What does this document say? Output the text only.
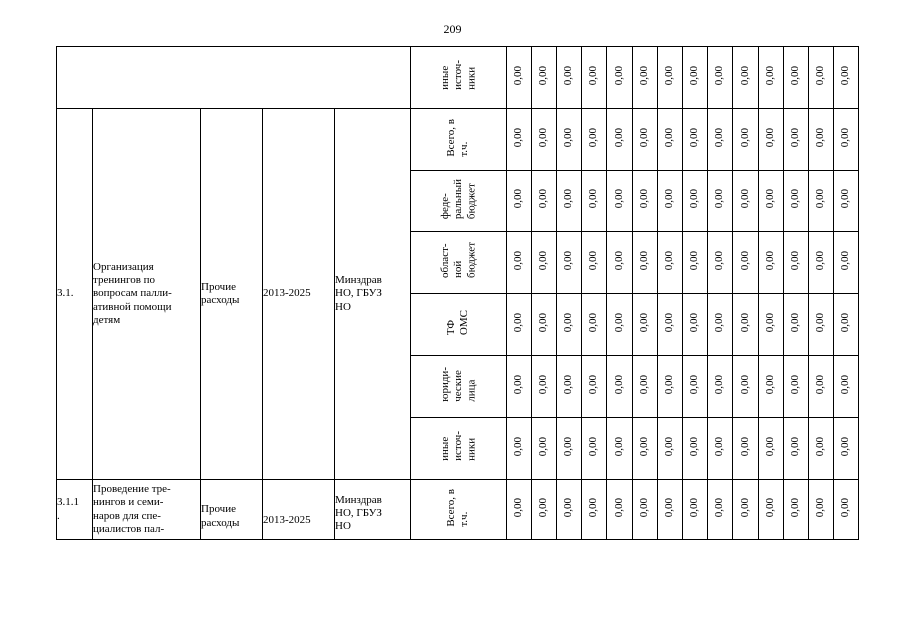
209

					иные источ- ники	0,00	0,00	0,00	0,00	0,00	0,00	0,00	0,00	0,00	0,00	0,00	0,00	0,00	0,00
3.1.	Организация
тренингов по
вопросам палли-
ативной помощи
детям	Прочие
расходы	2013-2025	Минздрав
НО, ГБУЗ
НО	Всего, в т.ч.	0,00	0,00	0,00	0,00	0,00	0,00	0,00	0,00	0,00	0,00	0,00	0,00	0,00	0,00

					феде- ральный бюджет	0,00	0,00	0,00	0,00	0,00	0,00	0,00	0,00	0,00	0,00	0,00	0,00	0,00	0,00

					област- ной бюджет	0,00	0,00	0,00	0,00	0,00	0,00	0,00	0,00	0,00	0,00	0,00	0,00	0,00	0,00

					ТФ ОМС	0,00	0,00	0,00	0,00	0,00	0,00	0,00	0,00	0,00	0,00	0,00	0,00	0,00	0,00

					юриди- ческие лица	0,00	0,00	0,00	0,00	0,00	0,00	0,00	0,00	0,00	0,00	0,00	0,00	0,00	0,00

					иные источ- ники	0,00	0,00	0,00	0,00	0,00	0,00	0,00	0,00	0,00	0,00	0,00	0,00	0,00	0,00
3.1.1
.	Проведение тре-
нингов и семи-
наров для спе-
циалистов пал-	Прочие
расходы	2013-2025	Минздрав
НО, ГБУЗ
НО	Всего, в т.ч.	0,00	0,00	0,00	0,00	0,00	0,00	0,00	0,00	0,00	0,00	0,00	0,00	0,00	0,00
